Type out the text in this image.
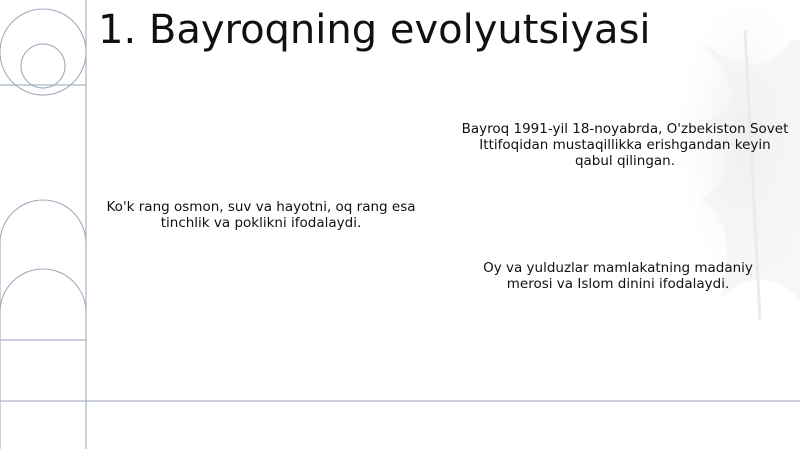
1. Bayroqning evolyutsiyasi

Bayroq 1991-yil 18-noyabrda, O'zbekiston Sovet Ittifoqidan mustaqillikka erishgandan keyin qabul qilingan.

Ko'k rang osmon, suv va hayotni, oq rang esa tinchlik va poklikni ifodalaydi.

Oy va yulduzlar mamlakatning madaniy merosi va Islom dinini ifodalaydi.
